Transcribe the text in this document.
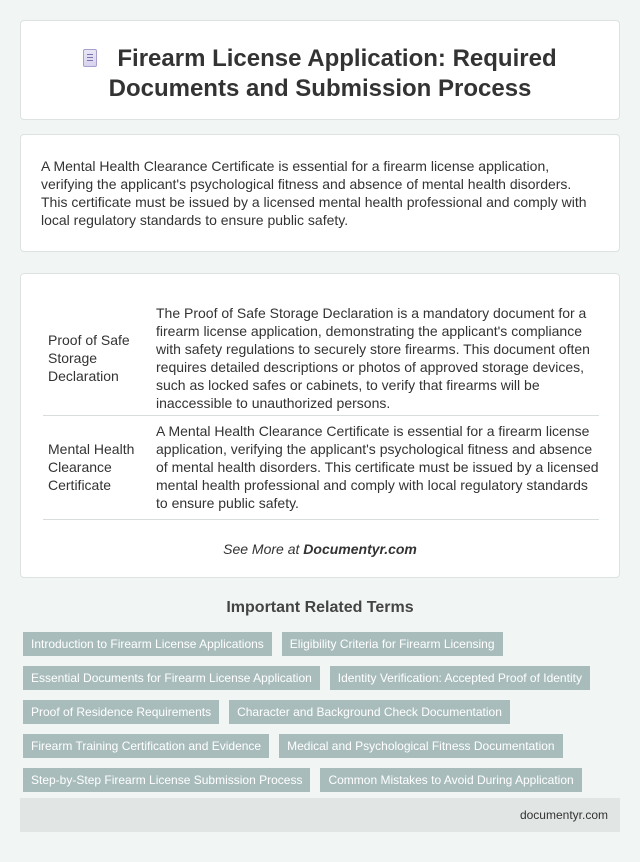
Firearm License Application: Required Documents and Submission Process

A Mental Health Clearance Certificate is essential for a firearm license application, verifying the applicant's psychological fitness and absence of mental health disorders. This certificate must be issued by a licensed mental health professional and comply with local regulatory standards to ensure public safety.

Proof of Safe Storage Declaration	The Proof of Safe Storage Declaration is a mandatory document for a firearm license application, demonstrating the applicant's compliance with safety regulations to securely store firearms. This document often requires detailed descriptions or photos of approved storage devices, such as locked safes or cabinets, to verify that firearms will be inaccessible to unauthorized persons.
Mental Health Clearance Certificate	A Mental Health Clearance Certificate is essential for a firearm license application, verifying the applicant's psychological fitness and absence of mental health disorders. This certificate must be issued by a licensed mental health professional and comply with local regulatory standards to ensure public safety.
See More at Documentyr.com
Important Related Terms
Introduction to Firearm License Applications	Eligibility Criteria for Firearm Licensing
Essential Documents for Firearm License Application	Identity Verification: Accepted Proof of Identity
Proof of Residence Requirements	Character and Background Check Documentation
Firearm Training Certification and Evidence	Medical and Psychological Fitness Documentation
Step-by-Step Firearm License Submission Process	Common Mistakes to Avoid During Application
documentyr.com
